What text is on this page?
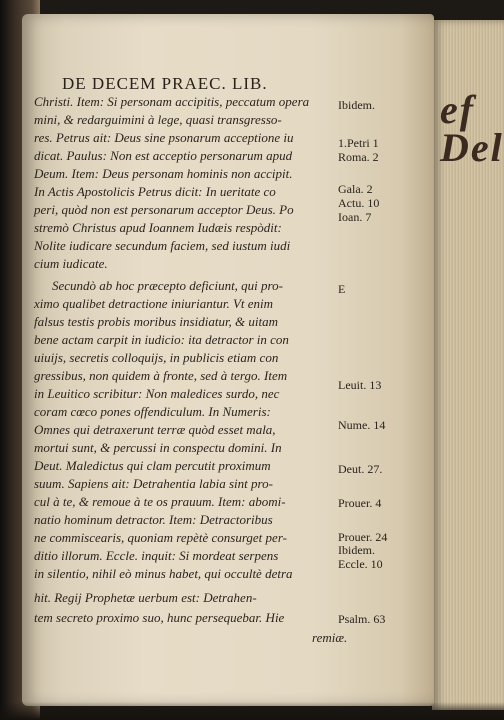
ef
Del
DE DECEM PRAEC. LIB.
Christi. Item: Si personam accipitis, peccatum opera
mini, & redarguimini à lege, quasi transgresso-
res. Petrus ait: Deus sine psonarum acceptione iu
dicat. Paulus: Non est acceptio personarum apud
Deum. Item: Deus personam hominis non accipit.
In Actis Apostolicis Petrus dicit: In ueritate co
peri, quòd non est personarum acceptor Deus. Po
stremò Christus apud Ioannem Iudæis respòdit:
Nolite iudicare secundum faciem, sed iustum iudi
cium iudicate.
Secundò ab hoc præcepto deficiunt, qui pro-
ximo qualibet detractione iniuriantur. Vt enim
falsus testis probis moribus insidiatur, & uitam
bene actam carpit in iudicio: ita detractor in con
uiuijs, secretis colloquijs, in publicis etiam con
gressibus, non quidem à fronte, sed à tergo. Item
in Leuitico scribitur: Non maledices surdo, nec
coram cœco pones offendiculum. In Numeris:
Omnes qui detraxerunt terræ quòd esset mala,
mortui sunt, & percussi in conspectu domini. In
Deut. Maledictus qui clam percutit proximum
suum. Sapiens ait: Detrahentia labia sint pro-
cul à te, & remoue à te os prauum. Item: abomi-
natio hominum detractor. Item: Detractoribus
ne commiscearis, quoniam repètè consurget per-
ditio illorum. Eccle. inquit: Si mordeat serpens
in silentio, nihil eò minus habet, qui occultè detra
hit. Regij Prophetæ uerbum est: Detrahen-
tem secreto proximo suo, hunc persequebar. Hie
remiæ.
Ibidem.
1.Petri 1
Roma. 2
Gala. 2
Actu. 10
Ioan. 7
E
Leuit. 13
Nume. 14
Deut. 27.
Prouer. 4
Prouer. 24
Ibidem.
Eccle. 10
Psalm. 63
